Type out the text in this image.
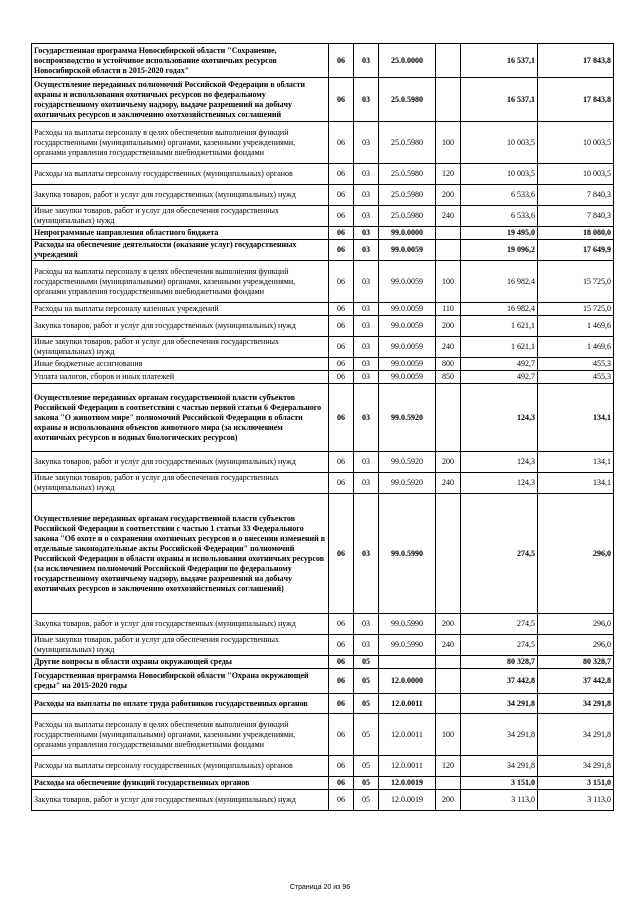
Государственная программа Новосибирской области "Сохранение, воспроизводство и устойчивое использование охотничьих ресурсов Новосибирской области в 2015-2020 годах"	06	03	25.0.0000		16 537,1	17 843,8
Осуществление переданных полномочий Российской Федерации в области охраны и использования охотничьих ресурсов по федеральному государственному охотничьему надзору, выдаче разрешений на добычу охотничьих ресурсов и заключению охотхозяйственных соглашений	06	03	25.0.5980		16 537,1	17 843,8
Расходы на выплаты персоналу в целях обеспечения выполнения функций государственными (муниципальными) органами, казенными учреждениями, органами управления государственными внебюджетными фондами	06	03	25.0.5980	100	10 003,5	10 003,5
Расходы на выплаты персоналу государственных (муниципальных) органов	06	03	25.0.5980	120	10 003,5	10 003,5
Закупка товаров, работ и услуг для государственных (муниципальных) нужд	06	03	25.0.5980	200	6 533,6	7 840,3
Иные закупки товаров, работ и услуг для обеспечения государственных (муниципальных) нужд	06	03	25.0.5980	240	6 533,6	7 840,3
Непрограммные направления областного бюджета	06	03	99.0.0000		19 495,0	18 080,0
Расходы на обеспечение деятельности (оказание услуг) государственных учреждений	06	03	99.0.0059		19 096,2	17 649,9
Расходы на выплаты персоналу в целях обеспечения выполнения функций государственными (муниципальными) органами, казенными учреждениями, органами управления государственными внебюджетными фондами	06	03	99.0.0059	100	16 982,4	15 725,0
Расходы на выплаты персоналу казенных учреждений	06	03	99.0.0059	110	16 982,4	15 725,0
Закупка товаров, работ и услуг для государственных (муниципальных) нужд	06	03	99.0.0059	200	1 621,1	1 469,6
Иные закупки товаров, работ и услуг для обеспечения государственных (муниципальных) нужд	06	03	99.0.0059	240	1 621,1	1 469,6
Иные бюджетные ассигнования	06	03	99.0.0059	800	492,7	455,3
Уплата налогов, сборов и иных платежей	06	03	99.0.0059	850	492,7	455,3
Осуществление переданных органам государственной власти субъектов Российской Федерации в соответствии с частью первой статьи 6 Федерального закона "О животном мире" полномочий Российской Федерации в области охраны и использования объектов животного мира (за исключением охотничьих ресурсов и водных биологических ресурсов)	06	03	99.0.5920		124,3	134,1
Закупка товаров, работ и услуг для государственных (муниципальных) нужд	06	03	99.0.5920	200	124,3	134,1
Иные закупки товаров, работ и услуг для обеспечения государственных (муниципальных) нужд	06	03	99.0.5920	240	124,3	134,1
Осуществление переданных органам государственной власти субъектов Российской Федерации в соответствии с частью 1 статьи 33 Федерального закона "Об охоте и о сохранении охотничьих ресурсов и о внесении изменений в отдельные законодательные акты Российской Федерации" полномочий Российской Федерации в области охраны и использования охотничьих ресурсов (за исключением полномочий Российской Федерации по федеральному государственному охотничьему надзору, выдаче разрешений на добычу охотничьих ресурсов и заключению охотхозяйственных соглашений)	06	03	99.0.5990		274,5	296,0
Закупка товаров, работ и услуг для государственных (муниципальных) нужд	06	03	99.0.5990	200	274,5	296,0
Иные закупки товаров, работ и услуг для обеспечения государственных (муниципальных) нужд	06	03	99.0.5990	240	274,5	296,0
Другие вопросы в области охраны окружающей среды	06	05			80 328,7	80 328,7
Государственная программа Новосибирской области "Охрана окружающей среды" на 2015-2020 годы	06	05	12.0.0000		37 442,8	37 442,8
Расходы на выплаты по оплате труда работников государственных органов	06	05	12.0.0011		34 291,8	34 291,8
Расходы на выплаты персоналу в целях обеспечения выполнения функций государственными (муниципальными) органами, казенными учреждениями, органами управления государственными внебюджетными фондами	06	05	12.0.0011	100	34 291,8	34 291,8
Расходы на выплаты персоналу государственных (муниципальных) органов	06	05	12.0.0011	120	34 291,8	34 291,8
Расходы на обеспечение функций государственных органов	06	05	12.0.0019		3 151,0	3 151,0
Закупка товаров, работ и услуг для государственных (муниципальных) нужд	06	05	12.0.0019	200	3 113,0	3 113,0
Страница 20 из 96
